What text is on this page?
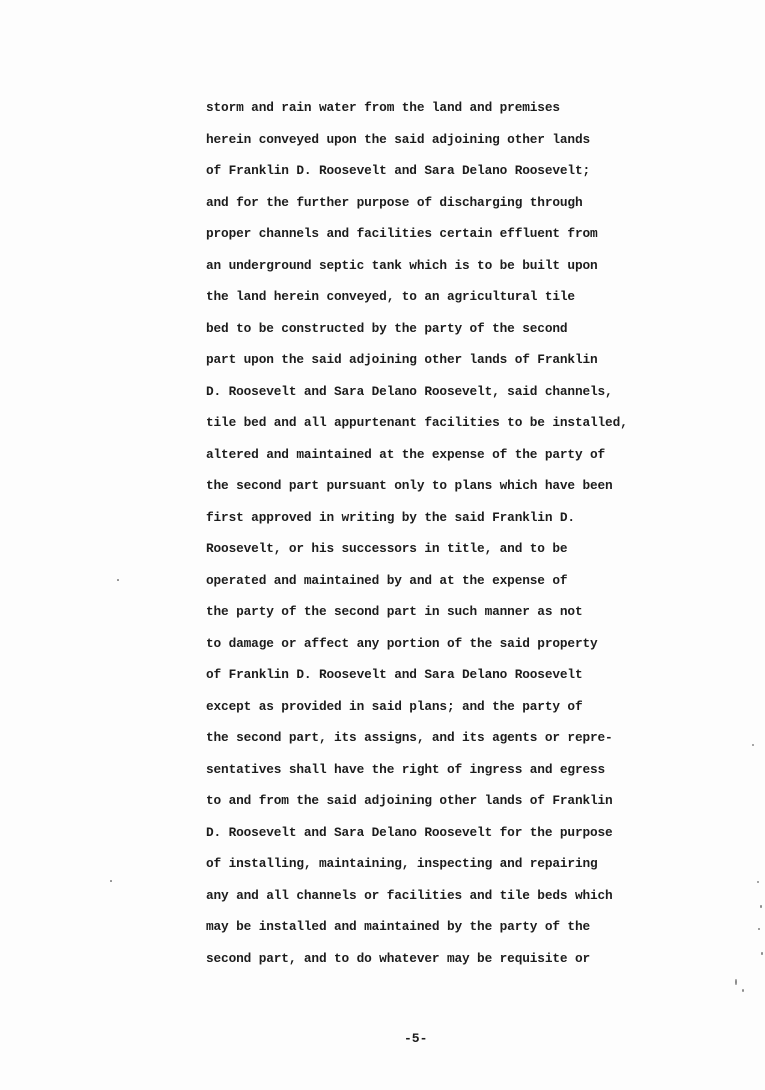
storm and rain water from the land and premises
herein conveyed upon the said adjoining other lands
of Franklin D. Roosevelt and Sara Delano Roosevelt;
and for the further purpose of discharging through
proper channels and facilities certain effluent from
an underground septic tank which is to be built upon
the land herein conveyed, to an agricultural tile
bed to be constructed by the party of the second
part upon the said adjoining other lands of Franklin
D. Roosevelt and Sara Delano Roosevelt, said channels,
tile bed and all appurtenant facilities to be installed,
altered and maintained at the expense of the party of
the second part pursuant only to plans which have been
first approved in writing by the said Franklin D.
Roosevelt, or his successors in title, and to be
operated and maintained by and at the expense of
the party of the second part in such manner as not
to damage or affect any portion of the said property
of Franklin D. Roosevelt and Sara Delano Roosevelt
except as provided in said plans; and the party of
the second part, its assigns, and its agents or repre-
sentatives shall have the right of ingress and egress
to and from the said adjoining other lands of Franklin
D. Roosevelt and Sara Delano Roosevelt for the purpose
of installing, maintaining, inspecting and repairing
any and all channels or facilities and tile beds which
may be installed and maintained by the party of the
second part, and to do whatever may be requisite or
-5-
